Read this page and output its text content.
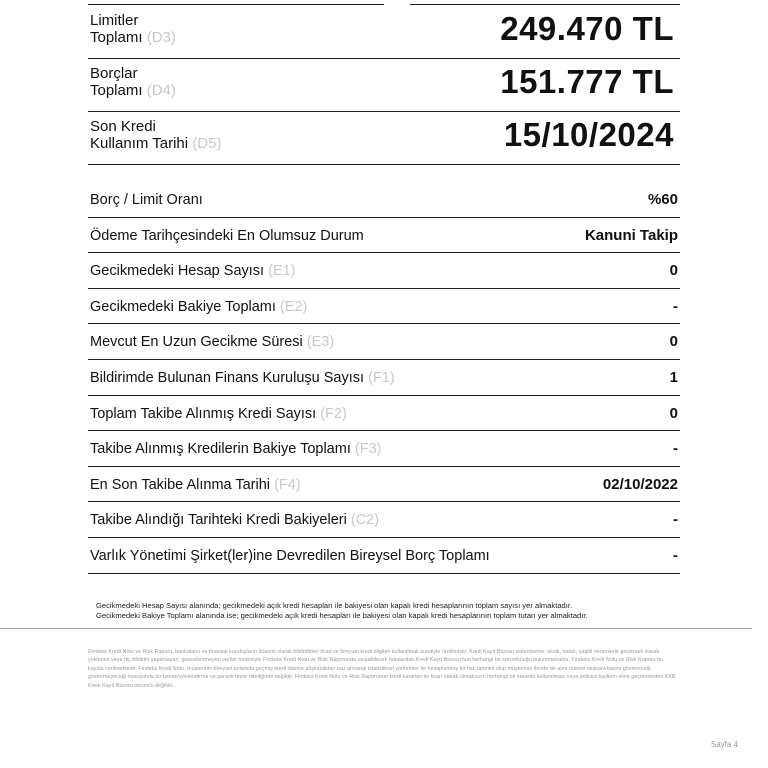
Limitler
Toplamı (D3)	249.470 TL
Borçlar
Toplamı (D4)	151.777 TL
Son Kredi
Kullanım Tarihi (D5)	15/10/2024
Borç / Limit Oranı	%60
Ödeme Tarihçesindeki En Olumsuz Durum	Kanuni Takip
Gecikmedeki Hesap Sayısı (E1)	0
Gecikmedeki Bakiye Toplamı (E2)	-
Mevcut En Uzun Gecikme Süresi (E3)	0
Bildirimde Bulunan Finans Kuruluşu Sayısı (F1)	1
Toplam Takibe Alınmış Kredi Sayısı (F2)	0
Takibe Alınmış Kredilerin Bakiye Toplamı (F3)	-
En Son Takibe Alınma Tarihi (F4)	02/10/2022
Takibe Alındığı Tarihteki Kredi Bakiyeleri (C2)	-
Varlık Yönetimi Şirket(ler)ine Devredilen Bireysel Borç Toplamı	-
Gecikmedeki Hesap Sayısı alanında; gecikmedeki açık kredi hesapları ile bakiyesi olan kapalı kredi hesaplarının toplam sayısı yer almaktadır.
Gecikmedeki Bakiye Toplamı alanında ise; gecikmedeki açık kredi hesapları ile bakiyesi olan kapalı kredi hesaplarının toplam tutarı yer almaktadır.
Findeks Kredi Notu ve Risk Raporu, bankaların ve finansal kuruluşların düzenli olarak bildirdikleri ticari ve bireysel kredi bilgileri kullanılmak suretiyle üretilmiştir. Kredi Kayıt Bürosu sistemlerine; eksik, hatalı, çeşitli nedenlerle gecikmeli olarak yüklenen veya hiç bildirim yapılmayan, güncellenmeyen veriler nedeniyle Findeks Kredi Notu ve Risk Raporunda oluşabilecek hatalardan Kredi Kayıt Bürosu'nun herhangi bir sorumluluğu bulunmamakta. Findeks Kredi Notu ve Risk Raporu bu kayıtla verilmektedir. Findeks Kredi Notu, müşterinin bireysel anlamda geçmiş kredi ödeme alışkanlıkları baz alınarak istatistiksel yöntemler ile hesaplanmış bir risk tahmini olup müşterinin ileride de aynı ödeme alışkanlıklarını göstereceği göstermeyeceği hususunda bir beyan/yönlendirme ve garanti tesisi niteliğinde değildir. Findeks Kredi Notu ve Risk Raporunun kredi kararları ile ticari olarak olmaksızın herhangi bir kararda kullanılması veya yetkisiz kişilerin eline geçmesinden KKB Kredi Kayıt Bürosu sorumlu değildir.
Sayfa 4
